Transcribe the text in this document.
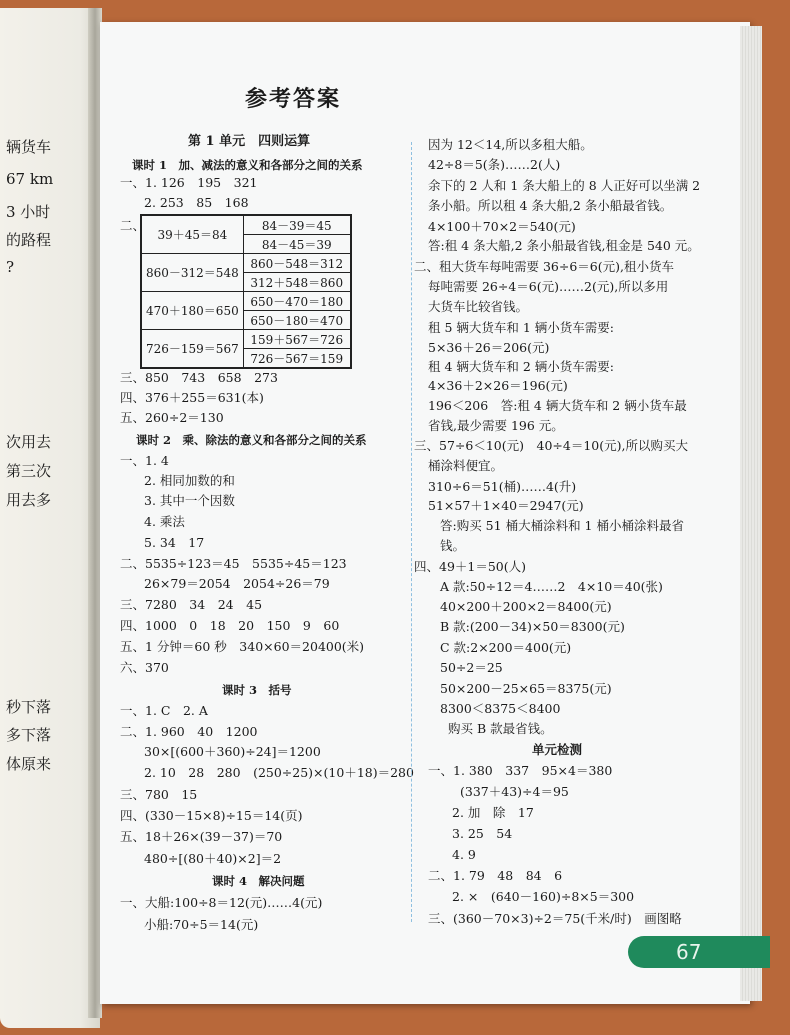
辆货车
67 km
3 小时
的路程
?
次用去
第三次
用去多
秒下落
多下落
体原来
参考答案
第 1 单元　四则运算
课时 1　加、减法的意义和各部分之间的关系
一、1. 126　195　321
2. 253　85　168
二、
39＋45＝84	84－39＝45
	84－45＝39
860－312＝548	860－548＝312
	312＋548＝860
470＋180＝650	650－470＝180
	650－180＝470
726－159＝567	159＋567＝726
	726－567＝159
三、850　743　658　273
四、376＋255＝631(本)
五、260÷2＝130
课时 2　乘、除法的意义和各部分之间的关系
一、1. 4
2. 相同加数的和
3. 其中一个因数
4. 乘法
5. 34　17
二、5535÷123＝45　5535÷45＝123
26×79＝2054　2054÷26＝79
三、7280　34　24　45
四、1000　0　18　20　150　9　60
五、1 分钟＝60 秒　340×60＝20400(米)
六、370
课时 3　括号
一、1. C　2. A
二、1. 960　40　1200
30×[(600＋360)÷24]＝1200
2. 10　28　280　(250÷25)×(10＋18)＝280
三、780　15
四、(330－15×8)÷15＝14(页)
五、18＋26×(39－37)＝70
480÷[(80＋40)×2]＝2
课时 4　解决问题
一、大船:100÷8＝12(元)……4(元)
小船:70÷5＝14(元)
因为 12＜14,所以多租大船。
42÷8＝5(条)……2(人)
余下的 2 人和 1 条大船上的 8 人正好可以坐满 2
条小船。所以租 4 条大船,2 条小船最省钱。
4×100＋70×2＝540(元)
答:租 4 条大船,2 条小船最省钱,租金是 540 元。
二、租大货车每吨需要 36÷6＝6(元),租小货车
每吨需要 26÷4＝6(元)……2(元),所以多用
大货车比较省钱。
租 5 辆大货车和 1 辆小货车需要:
5×36＋26＝206(元)
租 4 辆大货车和 2 辆小货车需要:
4×36＋2×26＝196(元)
196＜206　答:租 4 辆大货车和 2 辆小货车最
省钱,最少需要 196 元。
三、57÷6＜10(元)　40÷4＝10(元),所以购买大
桶涂料便宜。
310÷6＝51(桶)……4(升)
51×57＋1×40＝2947(元)
答:购买 51 桶大桶涂料和 1 桶小桶涂料最省
钱。
四、49＋1＝50(人)
A 款:50÷12＝4……2　4×10＝40(张)
40×200＋200×2＝8400(元)
B 款:(200－34)×50＝8300(元)
C 款:2×200＝400(元)
50÷2＝25
50×200－25×65＝8375(元)
8300＜8375＜8400
购买 B 款最省钱。
单元检测
一、1. 380　337　95×4＝380
(337＋43)÷4＝95
2. 加　除　17
3. 25　54
4. 9
二、1. 79　48　84　6
2. ×　(640－160)÷8×5＝300
三、(360－70×3)÷2＝75(千米/时)　画图略
67
